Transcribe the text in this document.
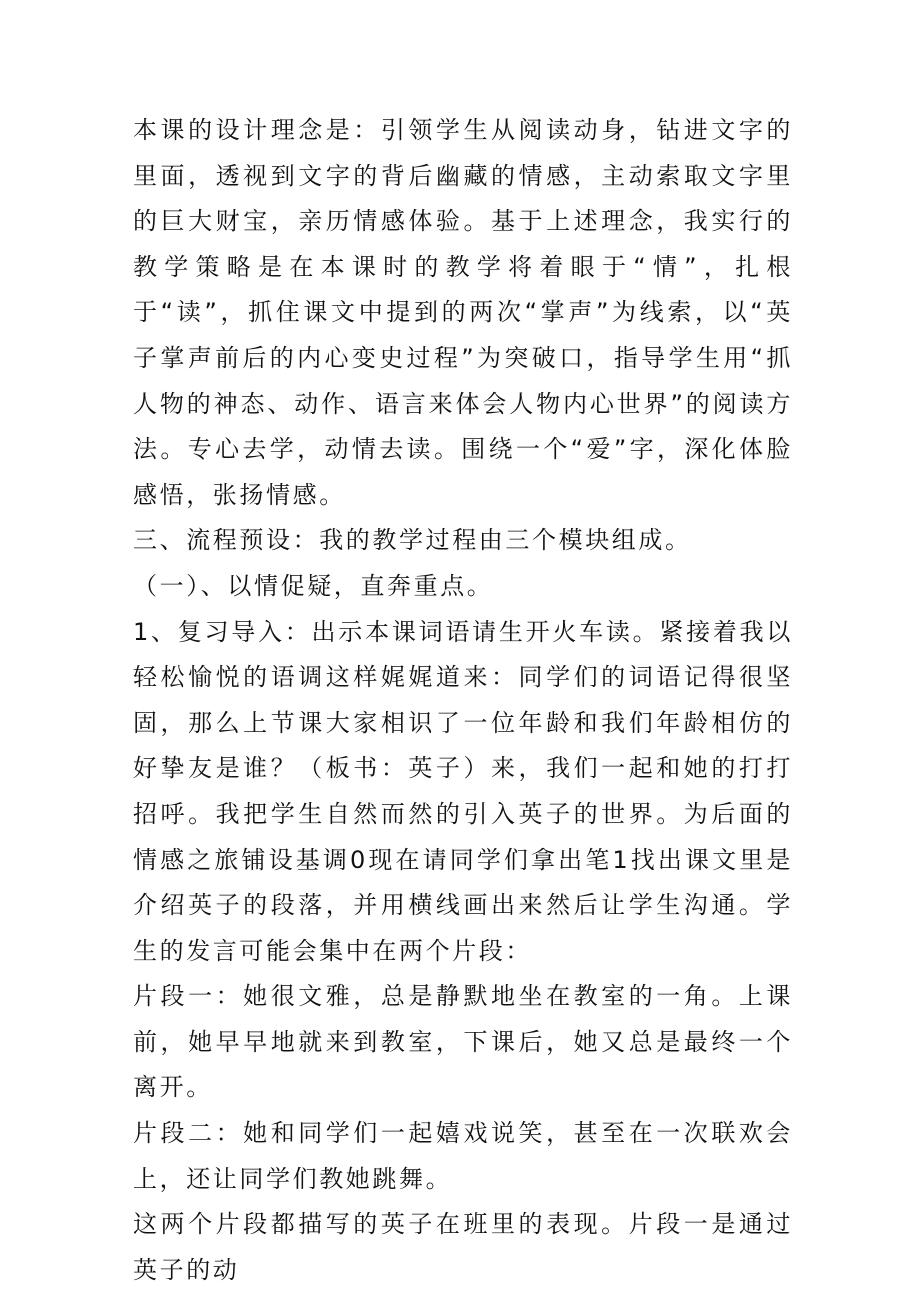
本课的设计理念是：引领学生从阅读动身，钻进文字的里面，透视到文字的背后幽藏的情感，主动索取文字里的巨大财宝，亲历情感体验。基于上述理念，我实行的教学策略是在本课时的教学将着眼于“情”，扎根于“读”，抓住课文中提到的两次“掌声”为线索，以“英子掌声前后的内心变史过程”为突破口，指导学生用“抓人物的神态、动作、语言来体会人物内心世界”的阅读方法。专心去学，动情去读。围绕一个“爱”字，深化体脸感悟，张扬情感。

三、流程预设：我的教学过程由三个模块组成。

（一）、以情促疑，直奔重点。

1、复习导入：出示本课词语请生开火车读。紧接着我以轻松愉悦的语调这样娓娓道来：同学们的词语记得很坚固，那么上节课大家相识了一位年龄和我们年龄相仿的好挚友是谁？（板书：英子）来，我们一起和她的打打招呼。我把学生自然而然的引入英子的世界。为后面的情感之旅铺设基调0现在请同学们拿出笔1找出课文里是介绍英子的段落，并用横线画出来然后让学生沟通。学生的发言可能会集中在两个片段：

片段一：她很文雅，总是静默地坐在教室的一角。上课前，她早早地就来到教室，下课后，她又总是最终一个离开。

片段二：她和同学们一起嬉戏说笑，甚至在一次联欢会上，还让同学们教她跳舞。

这两个片段都描写的英子在班里的表现。片段一是通过英子的动
